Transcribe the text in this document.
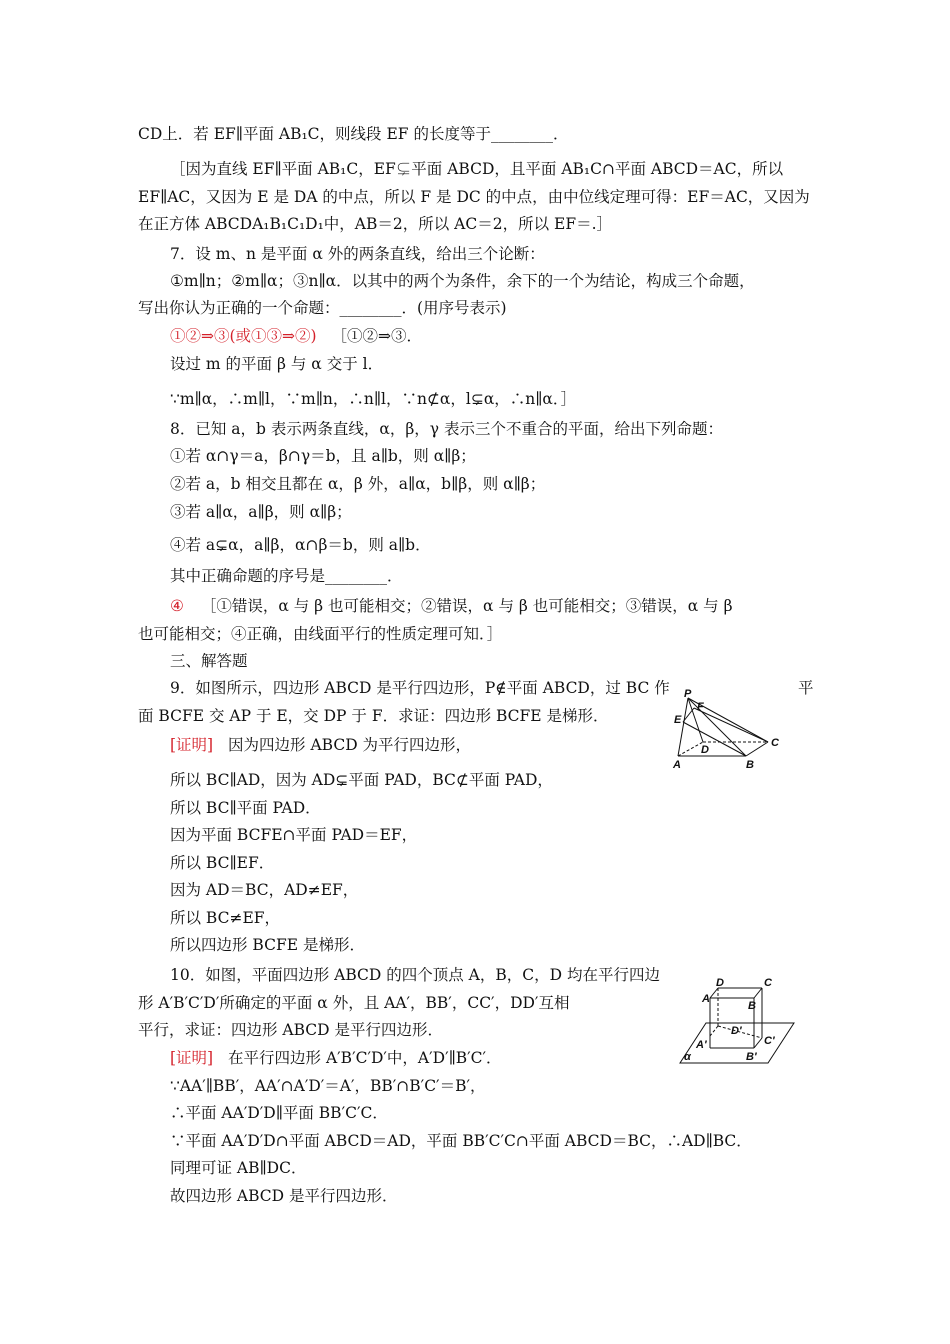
CD上．若 EF∥平面 AB₁C，则线段 EF 的长度等于________．
［因为直线 EF∥平面 AB₁C，EF⊊平面 ABCD，且平面 AB₁C∩平面 ABCD＝AC，所以
EF∥AC，又因为 E 是 DA 的中点，所以 F 是 DC 的中点，由中位线定理可得：EF＝AC，又因为
在正方体 ABCDA₁B₁C₁D₁中，AB＝2，所以 AC＝2，所以 EF＝.］
7．设 m、n 是平面 α 外的两条直线，给出三个论断：
①m∥n；②m∥α；③n∥α．以其中的两个为条件，余下的一个为结论，构成三个命题，
写出你认为正确的一个命题：________．(用序号表示)
①②⇒③(或①③⇒②) ［①②⇒③．
设过 m 的平面 β 与 α 交于 l．
∵m∥α，∴m∥l，∵m∥n，∴n∥l，∵n⊄α，l⊊α，∴n∥α．］
8．已知 a，b 表示两条直线，α，β，γ 表示三个不重合的平面，给出下列命题：
①若 α∩γ＝a，β∩γ＝b，且 a∥b，则 α∥β；
②若 a，b 相交且都在 α，β 外，a∥α，b∥β，则 α∥β；
③若 a∥α，a∥β，则 α∥β；
④若 a⊊α，a∥β，α∩β＝b，则 a∥b．
其中正确命题的序号是________．
④ ［①错误，α 与 β 也可能相交；②错误，α 与 β 也可能相交；③错误，α 与 β
也可能相交；④正确，由线面平行的性质定理可知．］
三、解答题
9．如图所示，四边形 ABCD 是平行四边形，P∉平面 ABCD，过 BC 作	平
面 BCFE 交 AP 于 E，交 DP 于 F．求证：四边形 BCFE 是梯形．
[证明] 因为四边形 ABCD 为平行四边形，
所以 BC∥AD，因为 AD⊊平面 PAD，BC⊄平面 PAD，
所以 BC∥平面 PAD．
因为平面 BCFE∩平面 PAD＝EF，
所以 BC∥EF．
因为 AD＝BC，AD≠EF，
所以 BC≠EF，
所以四边形 BCFE 是梯形．
10．如图，平面四边形 ABCD 的四个顶点 A，B，C，D 均在平行四边
形 A′B′C′D′所确定的平面 α 外，且 AA′，BB′，CC′，DD′互相
平行，求证：四边形 ABCD 是平行四边形．
[证明] 在平行四边形 A′B′C′D′中，A′D′∥B′C′．
∵AA′∥BB′，AA′∩A′D′＝A′，BB′∩B′C′＝B′，
∴平面 AA′D′D∥平面 BB′C′C．
∵平面 AA′D′D∩平面 ABCD＝AD，平面 BB′C′C∩平面 ABCD＝BC，∴AD∥BC．
同理可证 AB∥DC．
故四边形 ABCD 是平行四边形．
P
F
E
D
C
A	B
D	C
A
B
D′
C′
A′
B′
α
